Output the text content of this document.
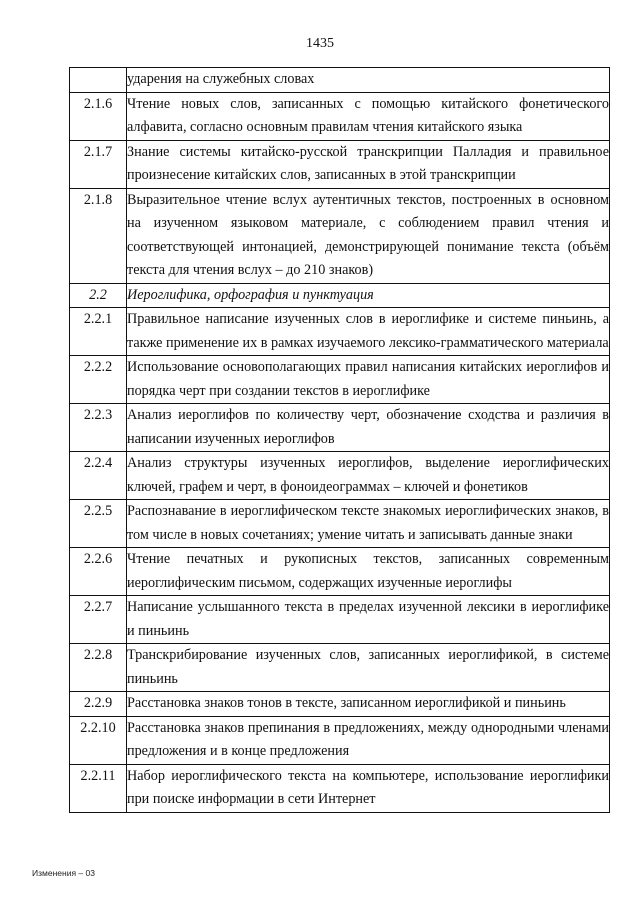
1435
	ударения на служебных словах
2.1.6	Чтение новых слов, записанных с помощью китайского фонетического алфавита, согласно основным правилам чтения китайского языка
2.1.7	Знание системы китайско-русской транскрипции Палладия и правильное произнесение китайских слов, записанных в этой транскрипции
2.1.8	Выразительное чтение вслух аутентичных текстов, построенных в основном на изученном языковом материале, с соблюдением правил чтения и соответствующей интонацией, демонстрирующей понимание текста (объём текста для чтения вслух – до 210 знаков)
2.2	Иероглифика, орфография и пунктуация
2.2.1	Правильное написание изученных слов в иероглифике и системе пиньинь, а также применение их в рамках изучаемого лексико-грамматического материала
2.2.2	Использование основополагающих правил написания китайских иероглифов и порядка черт при создании текстов в иероглифике
2.2.3	Анализ иероглифов по количеству черт, обозначение сходства и различия в написании изученных иероглифов
2.2.4	Анализ структуры изученных иероглифов, выделение иероглифических ключей, графем и черт, в фоноидеограммах – ключей и фонетиков
2.2.5	Распознавание в иероглифическом тексте знакомых иероглифических знаков, в том числе в новых сочетаниях; умение читать и записывать данные знаки
2.2.6	Чтение печатных и рукописных текстов, записанных современным иероглифическим письмом, содержащих изученные иероглифы
2.2.7	Написание услышанного текста в пределах изученной лексики в иероглифике и пиньинь
2.2.8	Транскрибирование изученных слов, записанных иероглификой, в системе пиньинь
2.2.9	Расстановка знаков тонов в тексте, записанном иероглификой и пиньинь
2.2.10	Расстановка знаков препинания в предложениях, между однородными членами предложения и в конце предложения
2.2.11	Набор иероглифического текста на компьютере, использование иероглифики при поиске информации в сети Интернет
Изменения – 03
